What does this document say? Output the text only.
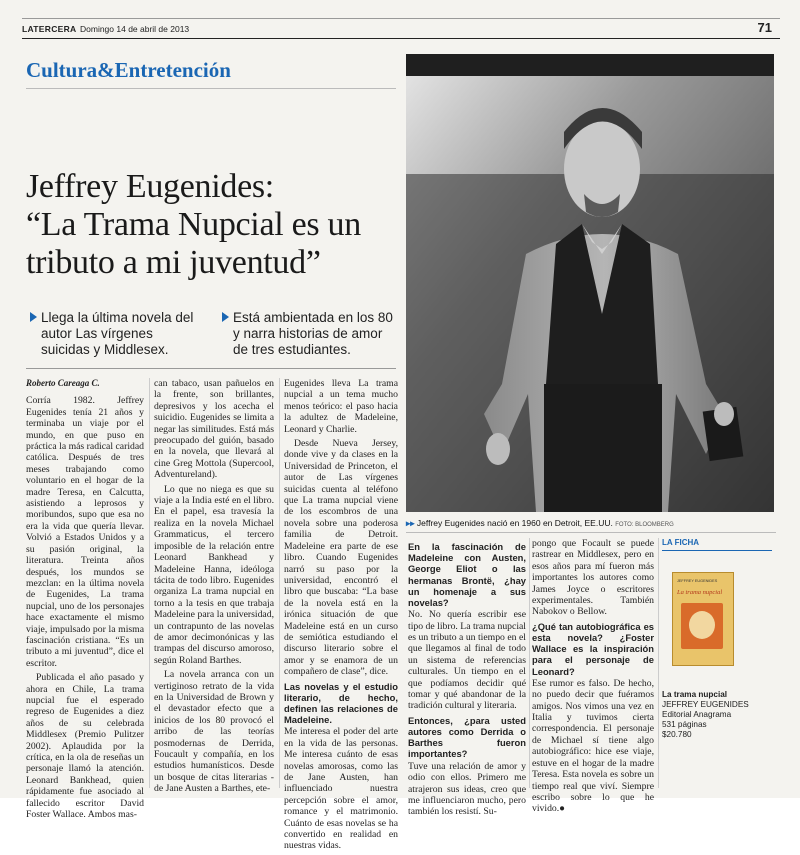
LATERCERA Domingo 14 de abril de 2013	71
Cultura&Entretención
Jeffrey Eugenides:
“La Trama Nupcial es un
tributo a mi juventud”
Llega la última novela del autor Las vírgenes suicidas y Middlesex.
Está ambientada en los 80 y narra historias de amor de tres estudiantes.
▸▸ Jeffrey Eugenides nació en 1960 en Detroit, EE.UU. FOTO: BLOOMBERG

Roberto Careaga C.

Corría 1982. Jeffrey Eugenides tenía 21 años y terminaba un viaje por el mundo, en que puso en práctica la más radical caridad católica. Después de tres meses trabajando como voluntario en el hogar de la madre Teresa, en Calcutta, asistiendo a leprosos y moribundos, supo que esa no era la vida que quería llevar. Volvió a Estados Unidos y a su pasión original, la literatura. Treinta años después, los mundos se mezclan: en la última novela de Eugenides, La trama nupcial, uno de los personajes hace exactamente el mismo viaje, impulsado por la misma fascinación cristiana. “Es un tributo a mi juventud”, dice el escritor.

Publicada el año pasado y ahora en Chile, La trama nupcial fue el esperado regreso de Eugenides a diez años de su celebrada Middlesex (Premio Pulitzer 2002). Aplaudida por la crítica, en la ola de reseñas un personaje llamó la atención. Leonard Bankhead, quien rápidamente fue asociado al fallecido escritor David Foster Wallace. Ambos mas-

can tabaco, usan pañuelos en la frente, son brillantes, depresivos y los acecha el suicidio. Eugenides se limita a negar las similitudes. Está más preocupado del guión, basado en la novela, que llevará al cine Greg Mottola (Supercool, Adventureland).

Lo que no niega es que su viaje a la India esté en el libro. En el papel, esa travesía la realiza en la novela Michael Grammaticus, el tercero imposible de la relación entre Leonard Bankhead y Madeleine Hanna, ideóloga tácita de todo libro. Eugenides organiza La trama nupcial en torno a la tesis en que trabaja Madeleine para la universidad, un contrapunto de las novelas de amor decimonónicas y las trampas del discurso amoroso, según Roland Barthes.

La novela arranca con un vertiginoso retrato de la vida en la Universidad de Brown y el devastador efecto que a inicios de los 80 provocó el arribo de las teorías posmodernas de Derrida, Foucault y compañía, en los estudios humanísticos. Desde un bosque de citas literarias -de Jane Austen a Barthes, ete-

Eugenides lleva La trama nupcial a un tema mucho menos teórico: el paso hacia la adultez de Madeleine, Leonard y Charlie.

Desde Nueva Jersey, donde vive y da clases en la Universidad de Princeton, el autor de Las vírgenes suicidas cuenta al teléfono que La trama nupcial viene de los escombros de una novela sobre una poderosa familia de Detroit. Madeleine era parte de ese libro. Cuando Eugenides narró su paso por la universidad, encontró el libro que buscaba: “La base de la novela está en la irónica situación de que Madeleine está en un curso de semiótica estudiando el discurso literario sobre el amor y se enamora de un compañero de clase”, dice.

Las novelas y el estudio literario, de hecho, definen las relaciones de Madeleine.

Me interesa el poder del arte en la vida de las personas. Me interesa cuánto de esas novelas amorosas, como las de Jane Austen, han influenciado nuestra percepción sobre el amor, romance y el matrimonio. Cuánto de esas novelas se ha convertido en realidad en nuestras vidas.

En la fascinación de Madeleine con Austen, George Eliot o las hermanas Brontë, ¿hay un homenaje a sus novelas?

No. No quería escribir ese tipo de libro. La trama nupcial es un tributo a un tiempo en el que llegamos al final de todo un sistema de referencias culturales. Un tiempo en el que podíamos decidir qué tomar y qué abandonar de la tradición cultural y literaria.

Entonces, ¿para usted autores como Derrida o Barthes fueron importantes?

Tuve una relación de amor y odio con ellos. Primero me atrajeron sus ideas, creo que me influenciaron mucho, pero también los resistí. Su-

pongo que Focault se puede rastrear en Middlesex, pero en esos años para mí fueron más importantes los autores como James Joyce o escritores experimentales. También Nabokov o Bellow.

¿Qué tan autobiográfica es esta novela? ¿Foster Wallace es la inspiración para el personaje de Leonard?

Ese rumor es falso. De hecho, no puedo decir que fuéramos amigos. Nos vimos una vez en Italia y tuvimos cierta correspondencia. El personaje de Michael sí tiene algo autobiográfico: hice ese viaje, estuve en el hogar de la madre Teresa. Esta novela es sobre un tiempo real que viví. Siempre escribo sobre lo que he vivido.●

LA FICHA
JEFFREY EUGENIDES
La trama nupcial
La trama nupcial
JEFFREY EUGENIDES
Editorial Anagrama
531 páginas
$20.780
